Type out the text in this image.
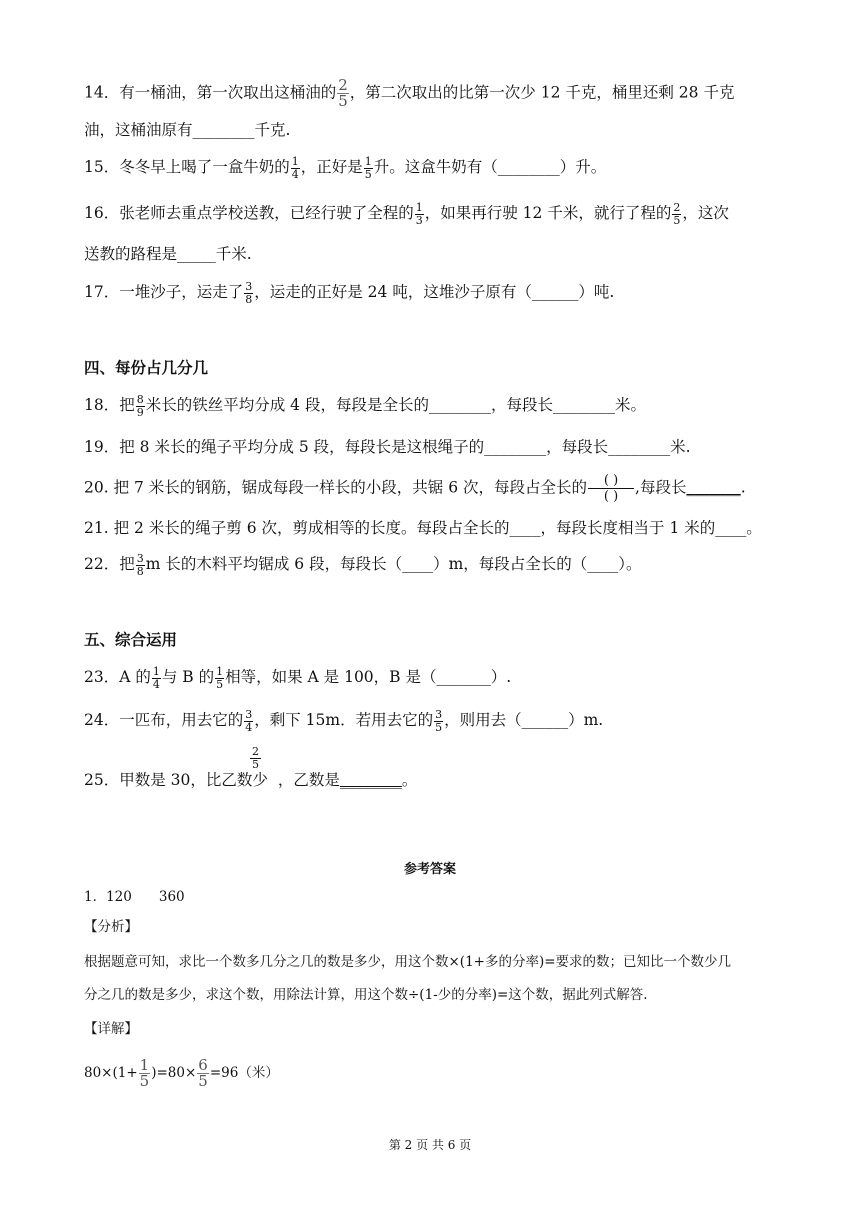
14．有一桶油，第一次取出这桶油的 $\frac{2}{5}$ ，第二次取出的比第一次少 12 千克，桶里还剩 28 千克
油，这桶油原有________千克.
15．冬冬早上喝了一盒牛奶的 $\frac{1}{4}$ ，正好是 $\frac{1}{5}$ 升。这盒牛奶有（________）升。
16．张老师去重点学校送教，已经行驶了全程的 $\frac{1}{3}$ ，如果再行驶 12 千米，就行了程的 $\frac{2}{5}$ ，这次
送教的路程是_____千米.
17．一堆沙子，运走了 $\frac{3}{8}$ ，运走的正好是 24 吨，这堆沙子原有（______）吨.
四、每份占几分几
18．把 $\frac{8}{9}$ 米长的铁丝平均分成 4 段，每段是全长的________，每段长________米。
19．把 8 米长的绳子平均分成 5 段，每段长是这根绳子的________，每段长________米.
20. 把 7 米长的钢筋，锯成每段一样长的小段，共锯 6 次，每段占全长的 $\frac{( )}{( )}$ ,每段长_______.
21. 把 2 米长的绳子剪 6 次，剪成相等的长度。每段占全长的____，每段长度相当于 1 米的____。
22．把 $\frac{3}{8}$ m 长的木料平均锯成 6 段，每段长（____）m，每段占全长的（____）。
五、综合运用
23．A 的 $\frac{1}{4}$ 与 B 的 $\frac{1}{5}$ 相等，如果 A 是 100，B 是（_______）.
24．一匹布，用去它的 $\frac{3}{4}$ ，剩下 15m．若用去它的 $\frac{3}{5}$ ，则用去（______）m.
$\frac{2}{5}$
25．甲数是 30，比乙数少 ，乙数是________。
参考答案
1．120　　360
【分析】
根据题意可知，求比一个数多几分之几的数是多少，用这个数×(1+多的分率)=要求的数；已知比一个数少几
分之几的数是多少，求这个数，用除法计算，用这个数÷(1-少的分率)=这个数，据此列式解答.
【详解】
$80\times(1+ \frac{1}{5} )=80\times \frac{6}{5} =96$（米）
第 2 页 共 6 页
